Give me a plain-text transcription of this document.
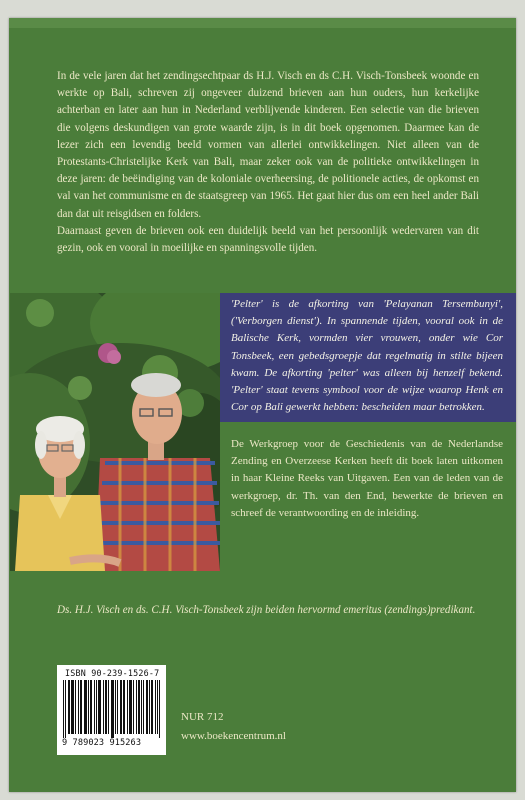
In de vele jaren dat het zendingsechtpaar ds H.J. Visch en ds C.H. Visch-Tonsbeek woonde en werkte op Bali, schreven zij ongeveer duizend brieven aan hun ouders, hun kerkelijke achterban en later aan hun in Nederland verblijvende kinderen. Een selectie van die brieven die volgens deskundigen van grote waarde zijn, is in dit boek opgenomen. Daarmee kan de lezer zich een levendig beeld vormen van allerlei ontwikkelingen. Niet alleen van de Protestants-Christelijke Kerk van Bali, maar zeker ook van de politieke ontwikkelingen in deze jaren: de beëindiging van de koloniale overheersing, de politionele acties, de opkomst en val van het communisme en de staatsgreep van 1965. Het gaat hier dus om een heel ander Bali dan dat uit reisgidsen en folders.

Daarnaast geven de brieven ook een duidelijk beeld van het persoonlijk wedervaren van dit gezin, ook en vooral in moeilijke en spanningsvolle tijden.

'Pelter' is de afkorting van 'Pelayanan Tersembunyi', ('Verborgen dienst'). In spannende tijden, vooral ook in de Balische Kerk, vormden vier vrouwen, onder wie Cor Tonsbeek, een gebedsgroepje dat regelmatig in stilte bijeen kwam. De afkorting 'pelter' was alleen bij henzelf bekend. 'Pelter' staat tevens symbool voor de wijze waarop Henk en Cor op Bali gewerkt hebben: bescheiden maar betrokken.

De Werkgroep voor de Geschiedenis van de Nederlandse Zending en Overzeese Kerken heeft dit boek laten uitkomen in haar Kleine Reeks van Uitgaven. Een van de leden van de werkgroep, dr. Th. van den End, bewerkte de brieven en schreef de verantwoording en de inleiding.

Ds. H.J. Visch en ds. C.H. Visch-Tonsbeek zijn beiden hervormd emeritus (zendings)predikant.

ISBN 90-239-1526-7
9 789023 915263

NUR 712

www.boekencentrum.nl
